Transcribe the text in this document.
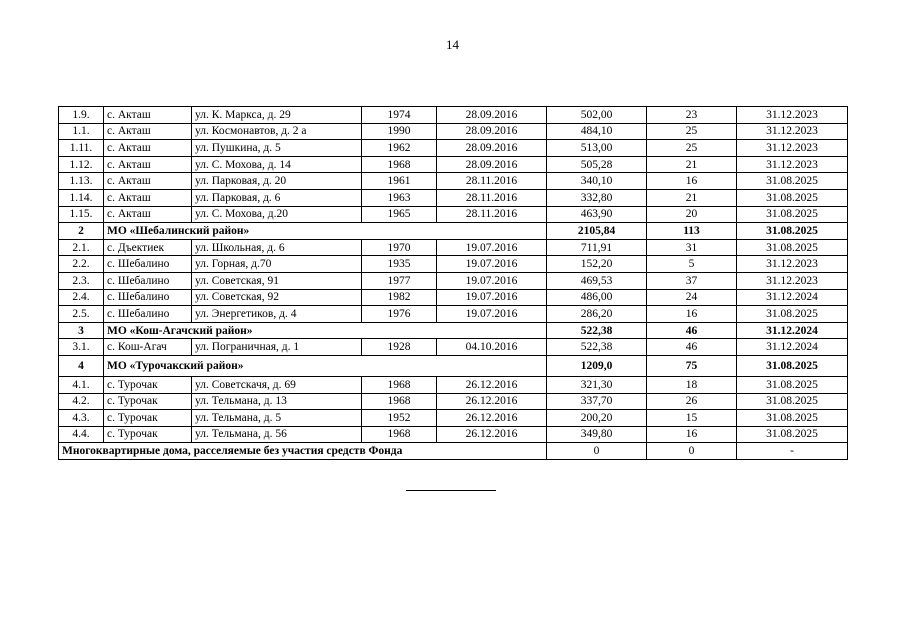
14
1.9.	с. Акташ	ул. К. Маркса, д. 29	1974	28.09.2016	502,00	23	31.12.2023
1.1.	с. Акташ	ул. Космонавтов, д. 2 а	1990	28.09.2016	484,10	25	31.12.2023
1.11.	с. Акташ	ул. Пушкина, д. 5	1962	28.09.2016	513,00	25	31.12.2023
1.12.	с. Акташ	ул. С. Мохова, д. 14	1968	28.09.2016	505,28	21	31.12.2023
1.13.	с. Акташ	ул. Парковая, д. 20	1961	28.11.2016	340,10	16	31.08.2025
1.14.	с. Акташ	ул. Парковая, д. 6	1963	28.11.2016	332,80	21	31.08.2025
1.15.	с. Акташ	ул. С. Мохова, д.20	1965	28.11.2016	463,90	20	31.08.2025
2	МО «Шебалинский район»				2105,84	113	31.08.2025
2.1.	с. Дъектиек	ул. Школьная, д. 6	1970	19.07.2016	711,91	31	31.08.2025
2.2.	с. Шебалино	ул. Горная, д.70	1935	19.07.2016	152,20	5	31.12.2023
2.3.	с. Шебалино	ул. Советская, 91	1977	19.07.2016	469,53	37	31.12.2023
2.4.	с. Шебалино	ул. Советская, 92	1982	19.07.2016	486,00	24	31.12.2024
2.5.	с. Шебалино	ул. Энергетиков, д. 4	1976	19.07.2016	286,20	16	31.08.2025
3	МО «Кош-Агачский район»				522,38	46	31.12.2024
3.1.	с. Кош-Агач	ул. Пограничная, д. 1	1928	04.10.2016	522,38	46	31.12.2024
4	МО «Турочакский район»				1209,0	75	31.08.2025
4.1.	с. Турочак	ул. Советскачя, д. 69	1968	26.12.2016	321,30	18	31.08.2025
4.2.	с. Турочак	ул. Тельмана, д. 13	1968	26.12.2016	337,70	26	31.08.2025
4.3.	с. Турочак	ул. Тельмана, д. 5	1952	26.12.2016	200,20	15	31.08.2025
4.4.	с. Турочак	ул. Тельмана, д. 56	1968	26.12.2016	349,80	16	31.08.2025
Многоквартирные дома, расселяемые без участия средств Фонда					0	0	-
